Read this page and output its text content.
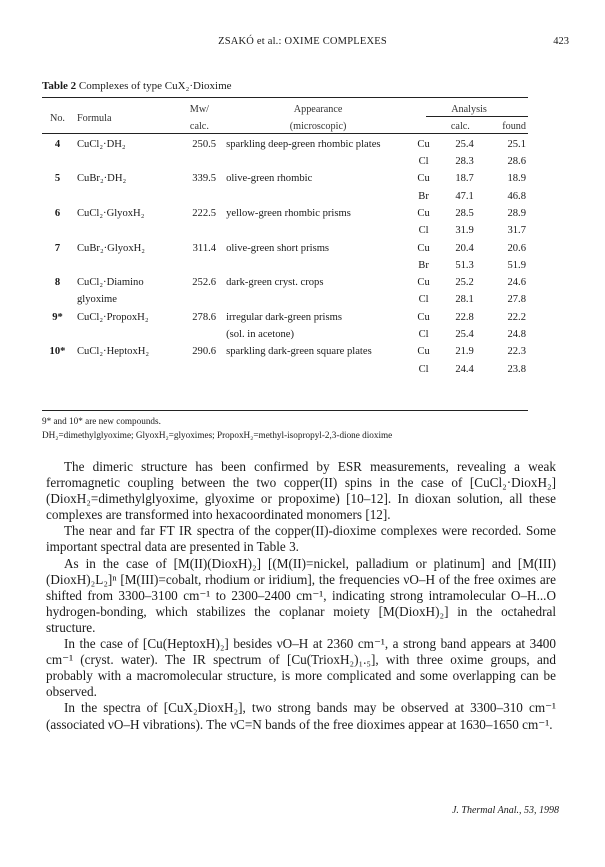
ZSAKÓ et al.: OXIME COMPLEXES	423
Table 2 Complexes of type CuX₂·Dioxime
No.	Formula	Mw/	Appearance	Analysis		
		calc.	(microscopic)	calc.		found
4	CuCl₂·DH₂	250.5	sparkling deep-green rhombic plates	Cu	25.4	25.1
				Cl	28.3	28.6
5	CuBr₂·DH₂	339.5	olive-green rhombic	Cu	18.7	18.9
				Br	47.1	46.8
6	CuCl₂·GlyoxH₂	222.5	yellow-green rhombic prisms	Cu	28.5	28.9
				Cl	31.9	31.7
7	CuBr₂·GlyoxH₂	311.4	olive-green short prisms	Cu	20.4	20.6
				Br	51.3	51.9
8	CuCl₂·Diamino	252.6	dark-green cryst. crops	Cu	25.2	24.6
	glyoxime			Cl	28.1	27.8
9*	CuCl₂·PropoxH₂	278.6	irregular dark-green prisms	Cu	22.8	22.2
			(sol. in acetone)	Cl	25.4	24.8
10*	CuCl₂·HeptoxH₂	290.6	sparkling dark-green square plates	Cu	21.9	22.3
				Cl	24.4	23.8
9* and 10* are new compounds.
DH₂=dimethylglyoxime; GlyoxH₂=glyoximes; PropoxH₂=methyl-isopropyl-2,3-dione dioxime

The dimeric structure has been confirmed by ESR measurements, revealing a weak ferromagnetic coupling between the two copper(II) spins in the case of [CuCl₂·DioxH₂] (DioxH₂=dimethylglyoxime, glyoxime or propoxime) [10–12]. In dioxan solution, all these complexes are transformed into hexacoordinated monomers [12].

The near and far FT IR spectra of the copper(II)-dioxime complexes were recorded. Some important spectral data are presented in Table 3.

As in the case of [M(II)(DioxH)₂] [(M(II)=nickel, palladium or platinum] and [M(III)(DioxH)₂L₂]ⁿ [M(III)=cobalt, rhodium or iridium], the frequencies νO–H of the free oximes are shifted from 3300–3100 cm⁻¹ to 2300–2400 cm⁻¹, indicating strong intramolecular O–H...O hydrogen-bonding, which stabilizes the coplanar moiety [M(DioxH)₂] in the octahedral structure.

In the case of [Cu(HeptoxH)₂] besides νO–H at 2360 cm⁻¹, a strong band appears at 3400 cm⁻¹ (cryst. water). The IR spectrum of [Cu(TrioxH₂)₁.₅], with three oxime groups, and probably with a macromolecular structure, is more complicated and some overlapping can be observed.

In the spectra of [CuX₂DioxH₂], two strong bands may be observed at 3300–310 cm⁻¹ (associated νO–H vibrations). The νC=N bands of the free dioximes appear at 1630–1650 cm⁻¹.

J. Thermal Anal., 53, 1998
